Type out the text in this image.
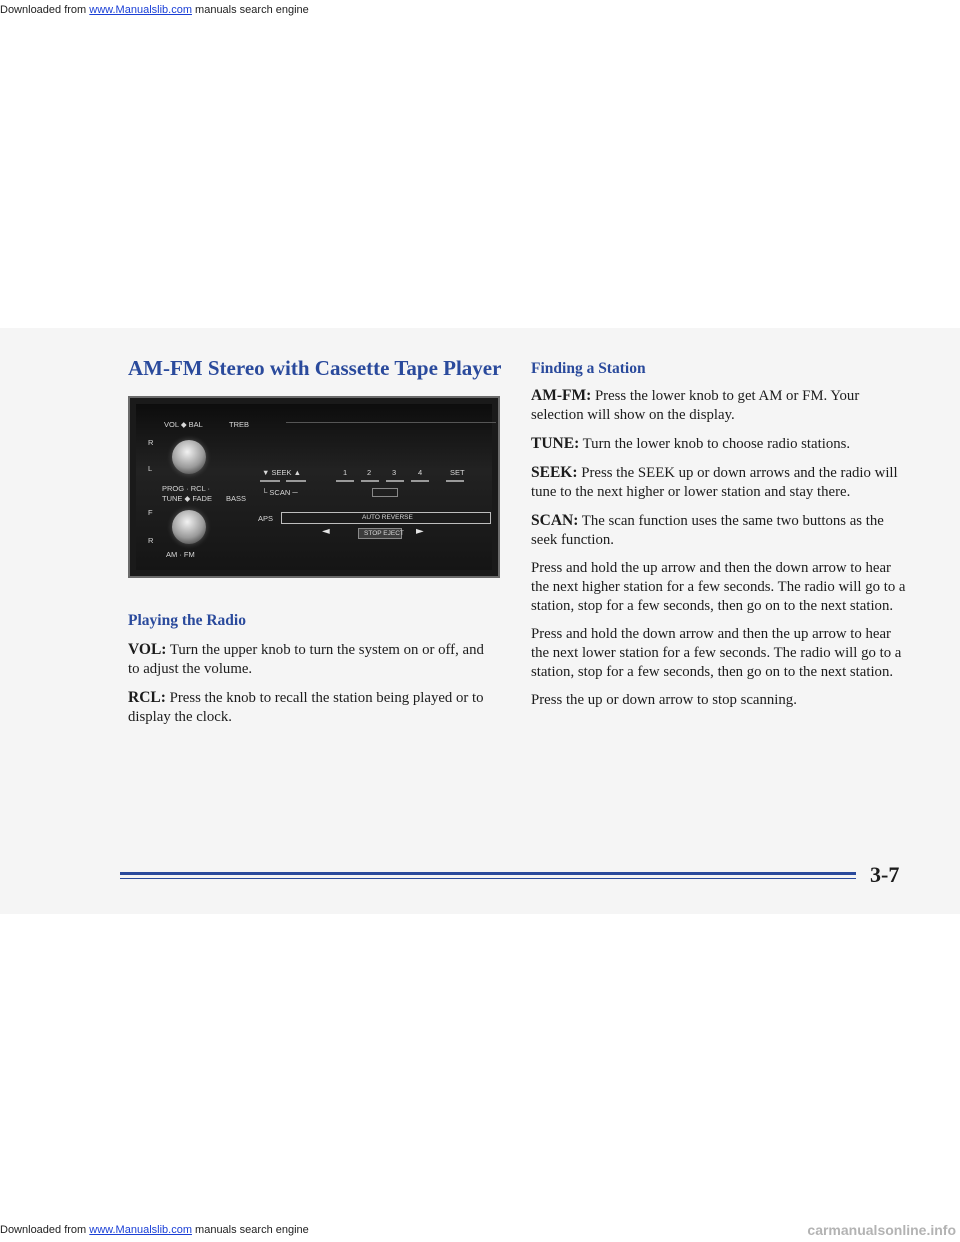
Downloaded from www.Manualslib.com manuals search engine
AM-FM Stereo with Cassette Tape Player
VOL ◆ BAL	TREB
R
L
PROG · RCL ·
TUNE ◆ FADE BASS
F
R
AM · FM
▼ SEEK ▲
└ SCAN ─
1	2	3	4	SET
AUTO REVERSE
APS
◄	STOP EJECT ►
Playing the Radio

VOL: Turn the upper knob to turn the system on or off, and to adjust the volume.

RCL: Press the knob to recall the station being played or to display the clock.

Finding a Station

AM-FM: Press the lower knob to get AM or FM. Your selection will show on the display.

TUNE: Turn the lower knob to choose radio stations.

SEEK: Press the SEEK up or down arrows and the radio will tune to the next higher or lower station and stay there.

SCAN: The scan function uses the same two buttons as the seek function.

Press and hold the up arrow and then the down arrow to hear the next higher station for a few seconds. The radio will go to a station, stop for a few seconds, then go on to the next station.

Press and hold the down arrow and then the up arrow to hear the next lower station for a few seconds. The radio will go to a station, stop for a few seconds, then go on to the next station.

Press the up or down arrow to stop scanning.

3-7
Downloaded from www.Manualslib.com manuals search engine	carmanualsonline.info
